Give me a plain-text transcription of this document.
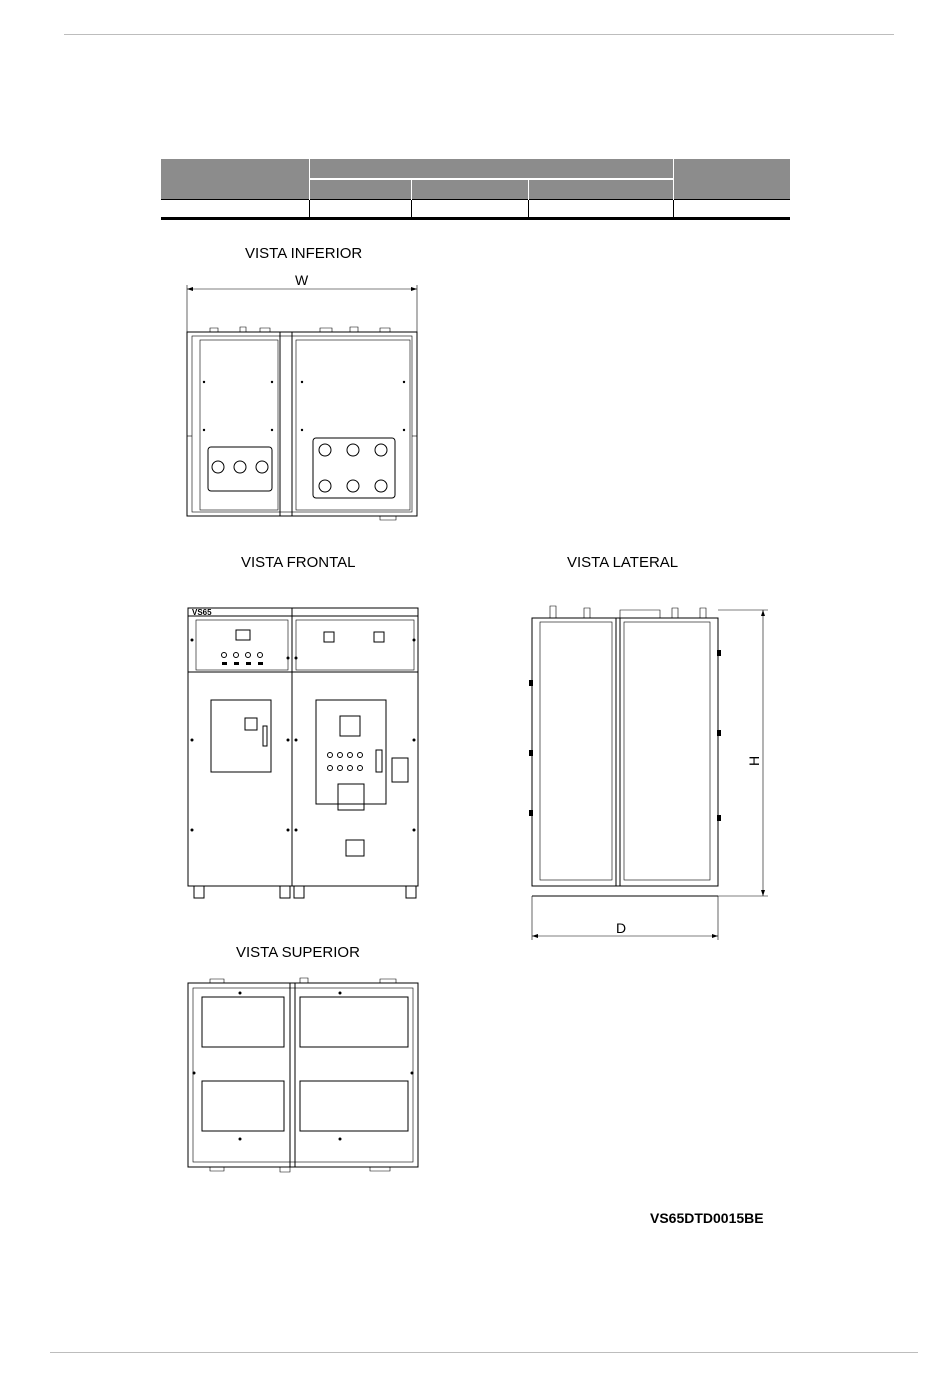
VISTA INFERIOR
W
VISTA FRONTAL
VS65
VISTA LATERAL
D
H
VISTA SUPERIOR
VS65DTD0015BE
